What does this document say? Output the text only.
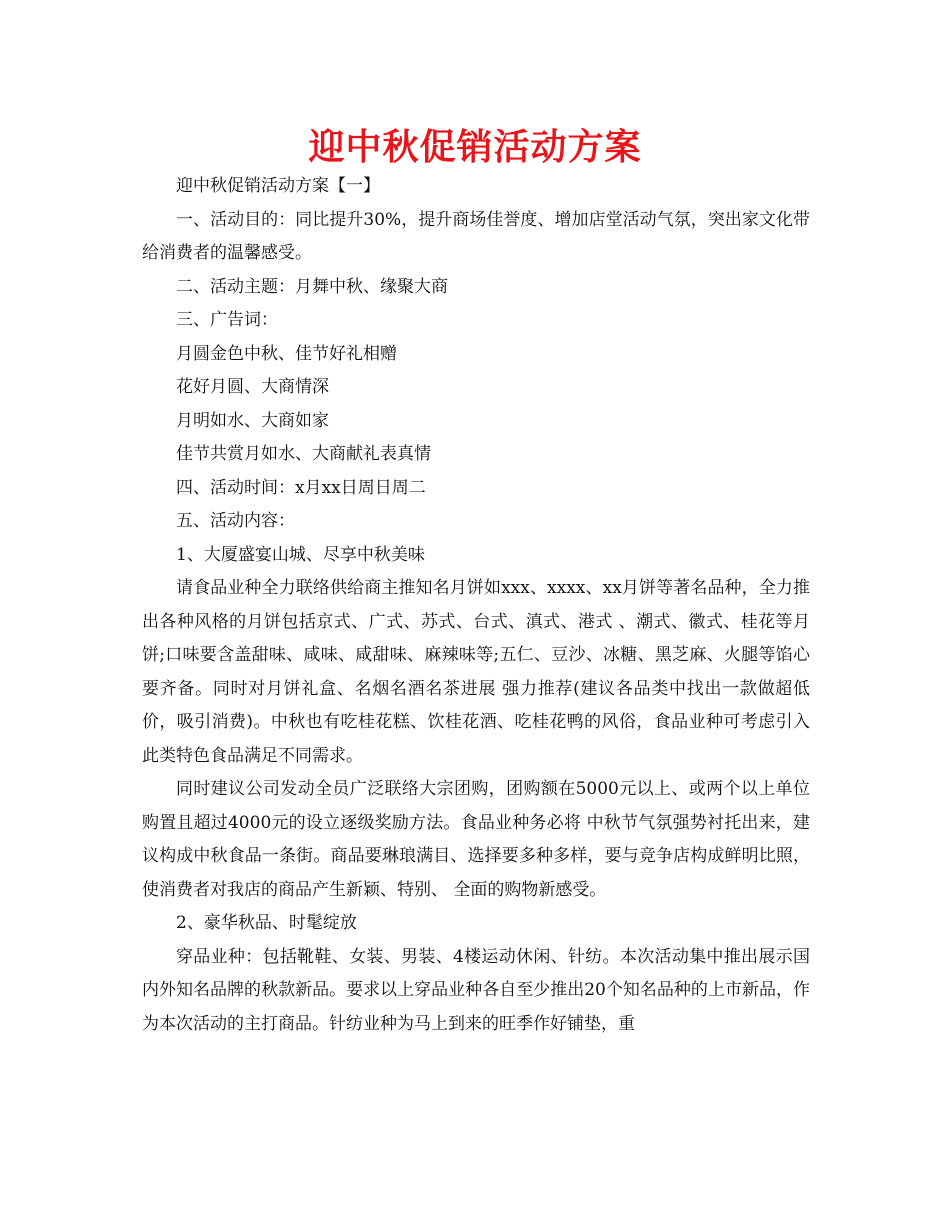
迎中秋促销活动方案

迎中秋促销活动方案【一】

一、活动目的：同比提升30%，提升商场佳誉度、增加店堂活动气氛，突出家文化带给消费者的温馨感受。

二、活动主题：月舞中秋、缘聚大商

三、广告词：

月圆金色中秋、佳节好礼相赠

花好月圆、大商情深

月明如水、大商如家

佳节共赏月如水、大商献礼表真情

四、活动时间：x月xx日周日周二

五、活动内容：

1、大厦盛宴山城、尽享中秋美味

请食品业种全力联络供给商主推知名月饼如xxx、xxxx、xx月饼等著名品种，全力推出各种风格的月饼包括京式、广式、苏式、台式、滇式、港式 、潮式、徽式、桂花等月饼;口味要含盖甜味、咸味、咸甜味、麻辣味等;五仁、豆沙、冰糖、黑芝麻、火腿等馅心要齐备。同时对月饼礼盒、名烟名酒名茶进展 强力推荐(建议各品类中找出一款做超低价，吸引消费)。中秋也有吃桂花糕、饮桂花酒、吃桂花鸭的风俗，食品业种可考虑引入此类特色食品满足不同需求。

同时建议公司发动全员广泛联络大宗团购，团购额在5000元以上、或两个以上单位购置且超过4000元的设立逐级奖励方法。食品业种务必将 中秋节气氛强势衬托出来，建议构成中秋食品一条街。商品要琳琅满目、选择要多种多样，要与竞争店构成鲜明比照，使消费者对我店的商品产生新颖、特别、 全面的购物新感受。

2、豪华秋品、时髦绽放

穿品业种：包括靴鞋、女装、男装、4楼运动休闲、针纺。本次活动集中推出展示国内外知名品牌的秋款新品。要求以上穿品业种各自至少推出20个知名品种的上市新品，作为本次活动的主打商品。针纺业种为马上到来的旺季作好铺垫，重
